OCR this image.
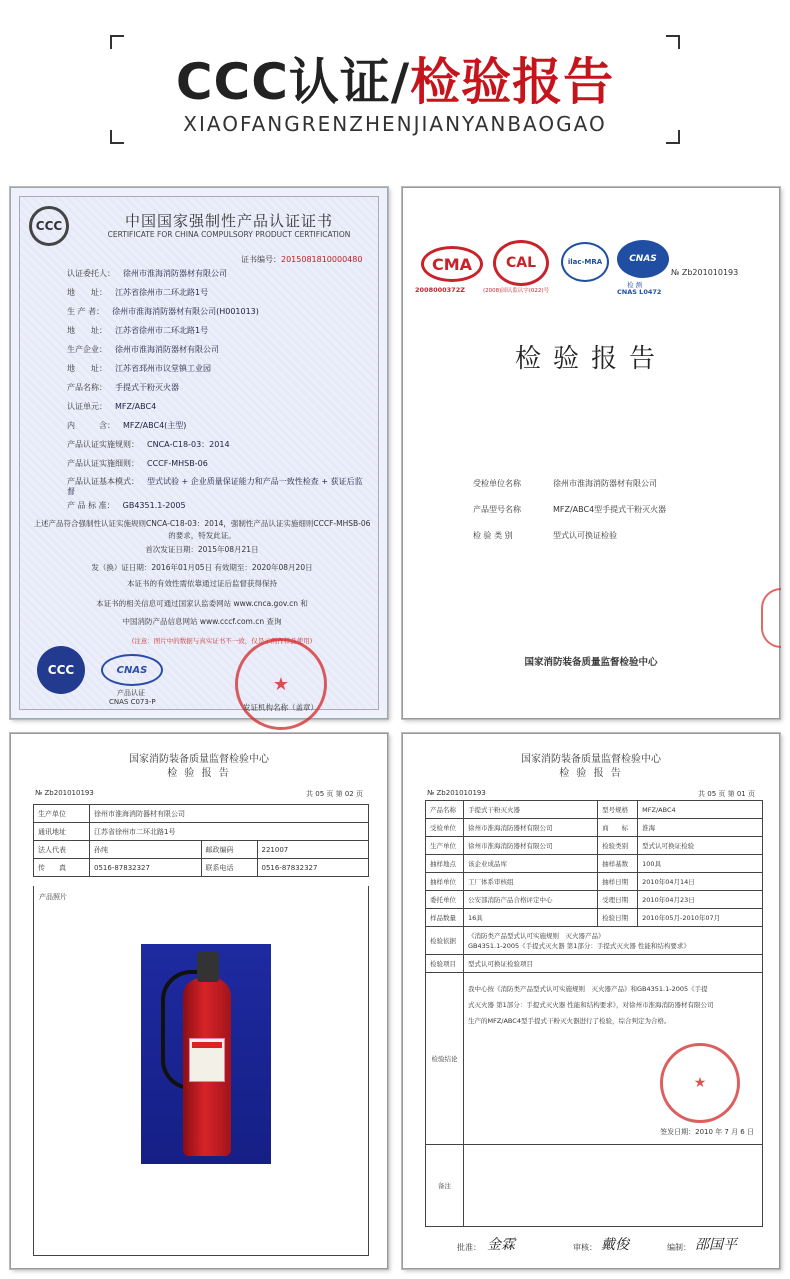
CCC认证/检验报告
XIAOFANGRENZHENJIANYANBAOGAO
CCC	中国国家强制性产品认证证书
CERTIFICATE FOR CHINA COMPULSORY PRODUCT CERTIFICATION
证书编号：2015081810000480
认证委托人： 徐州市淮海消防器材有限公司
地　　址： 江苏省徐州市二环北路1号
生 产 者： 徐州市淮海消防器材有限公司(H001013)
地　　址： 江苏省徐州市二环北路1号
生产企业： 徐州市淮海消防器材有限公司
地　　址： 江苏省邳州市议堂镇工业园
产品名称： 手提式干粉灭火器
认证单元： MFZ/ABC4
内　　　含： MFZ/ABC4(主型)
产品认证实施规则： CNCA-C18-03：2014
产品认证实施细则： CCCF-MHSB-06
产品认证基本模式： 型式试验 + 企业质量保证能力和产品一致性检查 + 获证后监督
产 品 标 准： GB4351.1-2005
上述产品符合强制性认证实施规则CNCA-C18-03：2014，强制性产品认证实施细则CCCF-MHSB-06的要求，特发此证。
首次发证日期：2015年08月21日
发（换）证日期：2016年01月05日 有效期至：2020年08月20日
本证书的有效性需依靠通过证后监督获得保持
本证书的相关信息可通过国家认监委网站 www.cnca.gov.cn 和
中国消防产品信息网站 www.cccf.com.cn 查询
(注意：图片中的数据与真实证书不一致，仅是示例作样品使用)
CCC	CNAS
产品认证
CNAS C073-P
★
发证机构名称（盖章）
CMA	CAL	ilac-MRA	CNAS
2008000372Z	(2008)国认监认字(022)号
检 测
CNAS L0472
№ Zb201010193
检验报告
受检单位名称	徐州市淮海消防器材有限公司
产品型号名称	MFZ/ABC4型手提式干粉灭火器
检 验 类 别	型式认可换证检验
国家消防装备质量监督检验中心
国家消防装备质量监督检验中心
检 验 报 告
№ Zb201010193	共 05 页 第 02 页
生产单位	徐州市淮海消防器材有限公司		
通讯地址	江苏省徐州市二环北路1号		
法人代表	孙纯	邮政编码	221007
传　　真	0516-87832327	联系电话	0516-87832327
产品照片
国家消防装备质量监督检验中心
检 验 报 告
№ Zb201010193	共 05 页 第 01 页
产品名称	手提式干粉灭火器	型号规格	MFZ/ABC4
受检单位	徐州市淮海消防器材有限公司	商　　标	淮海
生产单位	徐州市淮海消防器材有限公司	检验类别	型式认可换证检验
抽样地点	该企业成品库	抽样基数	100具
抽样单位	工厂体系审核组	抽样日期	2010年04月14日
委托单位	公安部消防产品合格评定中心	受理日期	2010年04月23日
样品数量	16具	检验日期	2010年05月-2010年07月
检验依据	《消防类产品型式认可实施规则　灭火器产品》
GB4351.1-2005《手提式灭火器 第1部分：手提式灭火器 性能和结构要求》		
检验项目	型式认可换证检验项目		
检验结论	我中心按《消防类产品型式认可实施规则　灭火器产品》和GB4351.1-2005《手提
式灭火器 第1部分：手提式灭火器 性能和结构要求》，对徐州市淮海消防器材有限公司
生产的MFZ/ABC4型手提式干粉灭火器进行了检验，综合判定为合格。
★
签发日期：2010 年 7 月 6 日		

备注			
批准： 金霖	审核： 戴俊	编制： 邵国平
